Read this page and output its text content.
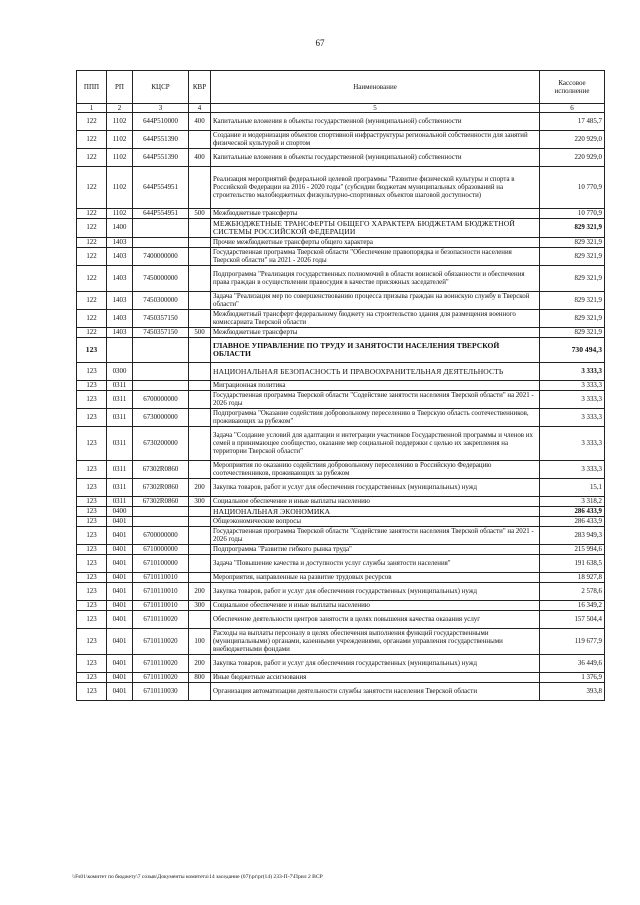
67
ППП	РП	КЦСР	КВР	Наименование	Кассовое исполнение
1	2	3	4	5	6
122	1102	644P510000	400	Капитальные вложения в объекты государственной (муниципальной) собственности	17 485,7
122	1102	644P551390		Создание и модернизация объектов спортивной инфраструктуры региональной собственности для занятий физической культурой и спортом	220 929,0
122	1102	644P551390	400	Капитальные вложения в объекты государственной (муниципальной) собственности	220 929,0
122	1102	644P554951		Реализация мероприятий федеральной целевой программы "Развитие физической культуры и спорта в Российской Федерации на 2016 - 2020 годы" (субсидии бюджетам муниципальных образований на строительство малобюджетных физкультурно-спортивных объектов шаговой доступности)	10 770,9
122	1102	644P554951	500	Межбюджетные трансферты	10 770,9
122	1400			МЕЖБЮДЖЕТНЫЕ ТРАНСФЕРТЫ ОБЩЕГО ХАРАКТЕРА БЮДЖЕТАМ БЮДЖЕТНОЙ СИСТЕМЫ РОССИЙСКОЙ ФЕДЕРАЦИИ	829 321,9
122	1403			Прочие межбюджетные трансферты общего характера	829 321,9
122	1403	7400000000		Государственная программа Тверской области "Обеспечение правопорядка и безопасности населения Тверской области" на 2021 - 2026 годы	829 321,9
122	1403	7450000000		Подпрограмма "Реализация государственных полномочий в области воинской обязанности и обеспечения права граждан в осуществлении правосудия в качестве присяжных заседателей"	829 321,9
122	1403	7450300000		Задача "Реализация мер по совершенствованию процесса призыва граждан на воинскую службу в Тверской области"	829 321,9
122	1403	7450357150		Межбюджетный трансферт федеральному бюджету на строительство здания для размещения военного комиссариата Тверской области	829 321,9
122	1403	7450357150	500	Межбюджетные трансферты	829 321,9
123				ГЛАВНОЕ УПРАВЛЕНИЕ ПО ТРУДУ И ЗАНЯТОСТИ НАСЕЛЕНИЯ ТВЕРСКОЙ ОБЛАСТИ	730 494,3
123	0300			НАЦИОНАЛЬНАЯ БЕЗОПАСНОСТЬ И ПРАВООХРАНИТЕЛЬНАЯ ДЕЯТЕЛЬНОСТЬ	3 333,3
123	0311			Миграционная политика	3 333,3
123	0311	6700000000		Государственная программа Тверской области "Содействие занятости населения Тверской области" на 2021 - 2026 годы	3 333,3
123	0311	6730000000		Подпрограмма "Оказание содействия добровольному переселению в Тверскую область соотечественников, проживающих за рубежом"	3 333,3
123	0311	6730200000		Задача "Создание условий для адаптации и интеграции участников Государственной программы и членов их семей в принимающее сообщество, оказание мер социальной поддержки с целью их закрепления на территории Тверской области"	3 333,3
123	0311	67302R0860		Мероприятия по оказанию содействия добровольному переселению в Российскую Федерацию соотечественников, проживающих за рубежом	3 333,3
123	0311	67302R0860	200	Закупка товаров, работ и услуг для обеспечения государственных (муниципальных) нужд	15,1
123	0311	67302R0860	300	Социальное обеспечение и иные выплаты населению	3 318,2
123	0400			НАЦИОНАЛЬНАЯ ЭКОНОМИКА	286 433,9
123	0401			Общеэкономические вопросы	286 433,9
123	0401	6700000000		Государственная программа Тверской области "Содействие занятости населения Тверской области" на 2021 - 2026 годы	283 949,3
123	0401	6710000000		Подпрограмма "Развитие гибкого рынка труда"	215 994,6
123	0401	6710100000		Задача "Повышение качества и доступности услуг службы занятости населения"	191 638,5
123	0401	6710110010		Мероприятия, направленные на развитие трудовых ресурсов	18 927,8
123	0401	6710110010	200	Закупка товаров, работ и услуг для обеспечения государственных (муниципальных) нужд	2 578,6
123	0401	6710110010	300	Социальное обеспечение и иные выплаты населению	16 349,2
123	0401	6710110020		Обеспечение деятельности центров занятости в целях повышения качества оказания услуг	157 504,4
123	0401	6710110020	100	Расходы на выплаты персоналу в целях обеспечения выполнения функций государственными (муниципальными) органами, казенными учреждениями, органами управления государственными внебюджетными фондами	119 677,9
123	0401	6710110020	200	Закупка товаров, работ и услуг для обеспечения государственных (муниципальных) нужд	36 449,6
123	0401	6710110020	800	Иные бюджетные ассигнования	1 376,9
123	0401	6710110030		Организация автоматизации деятельности службы занятости населения Тверской области	393,8
\\Fs01\комитет по бюджету\7 созыв\Документы комитета\14 заседание (07)\pr\pr(14) 233-П-7\Прил 2 ВСР
